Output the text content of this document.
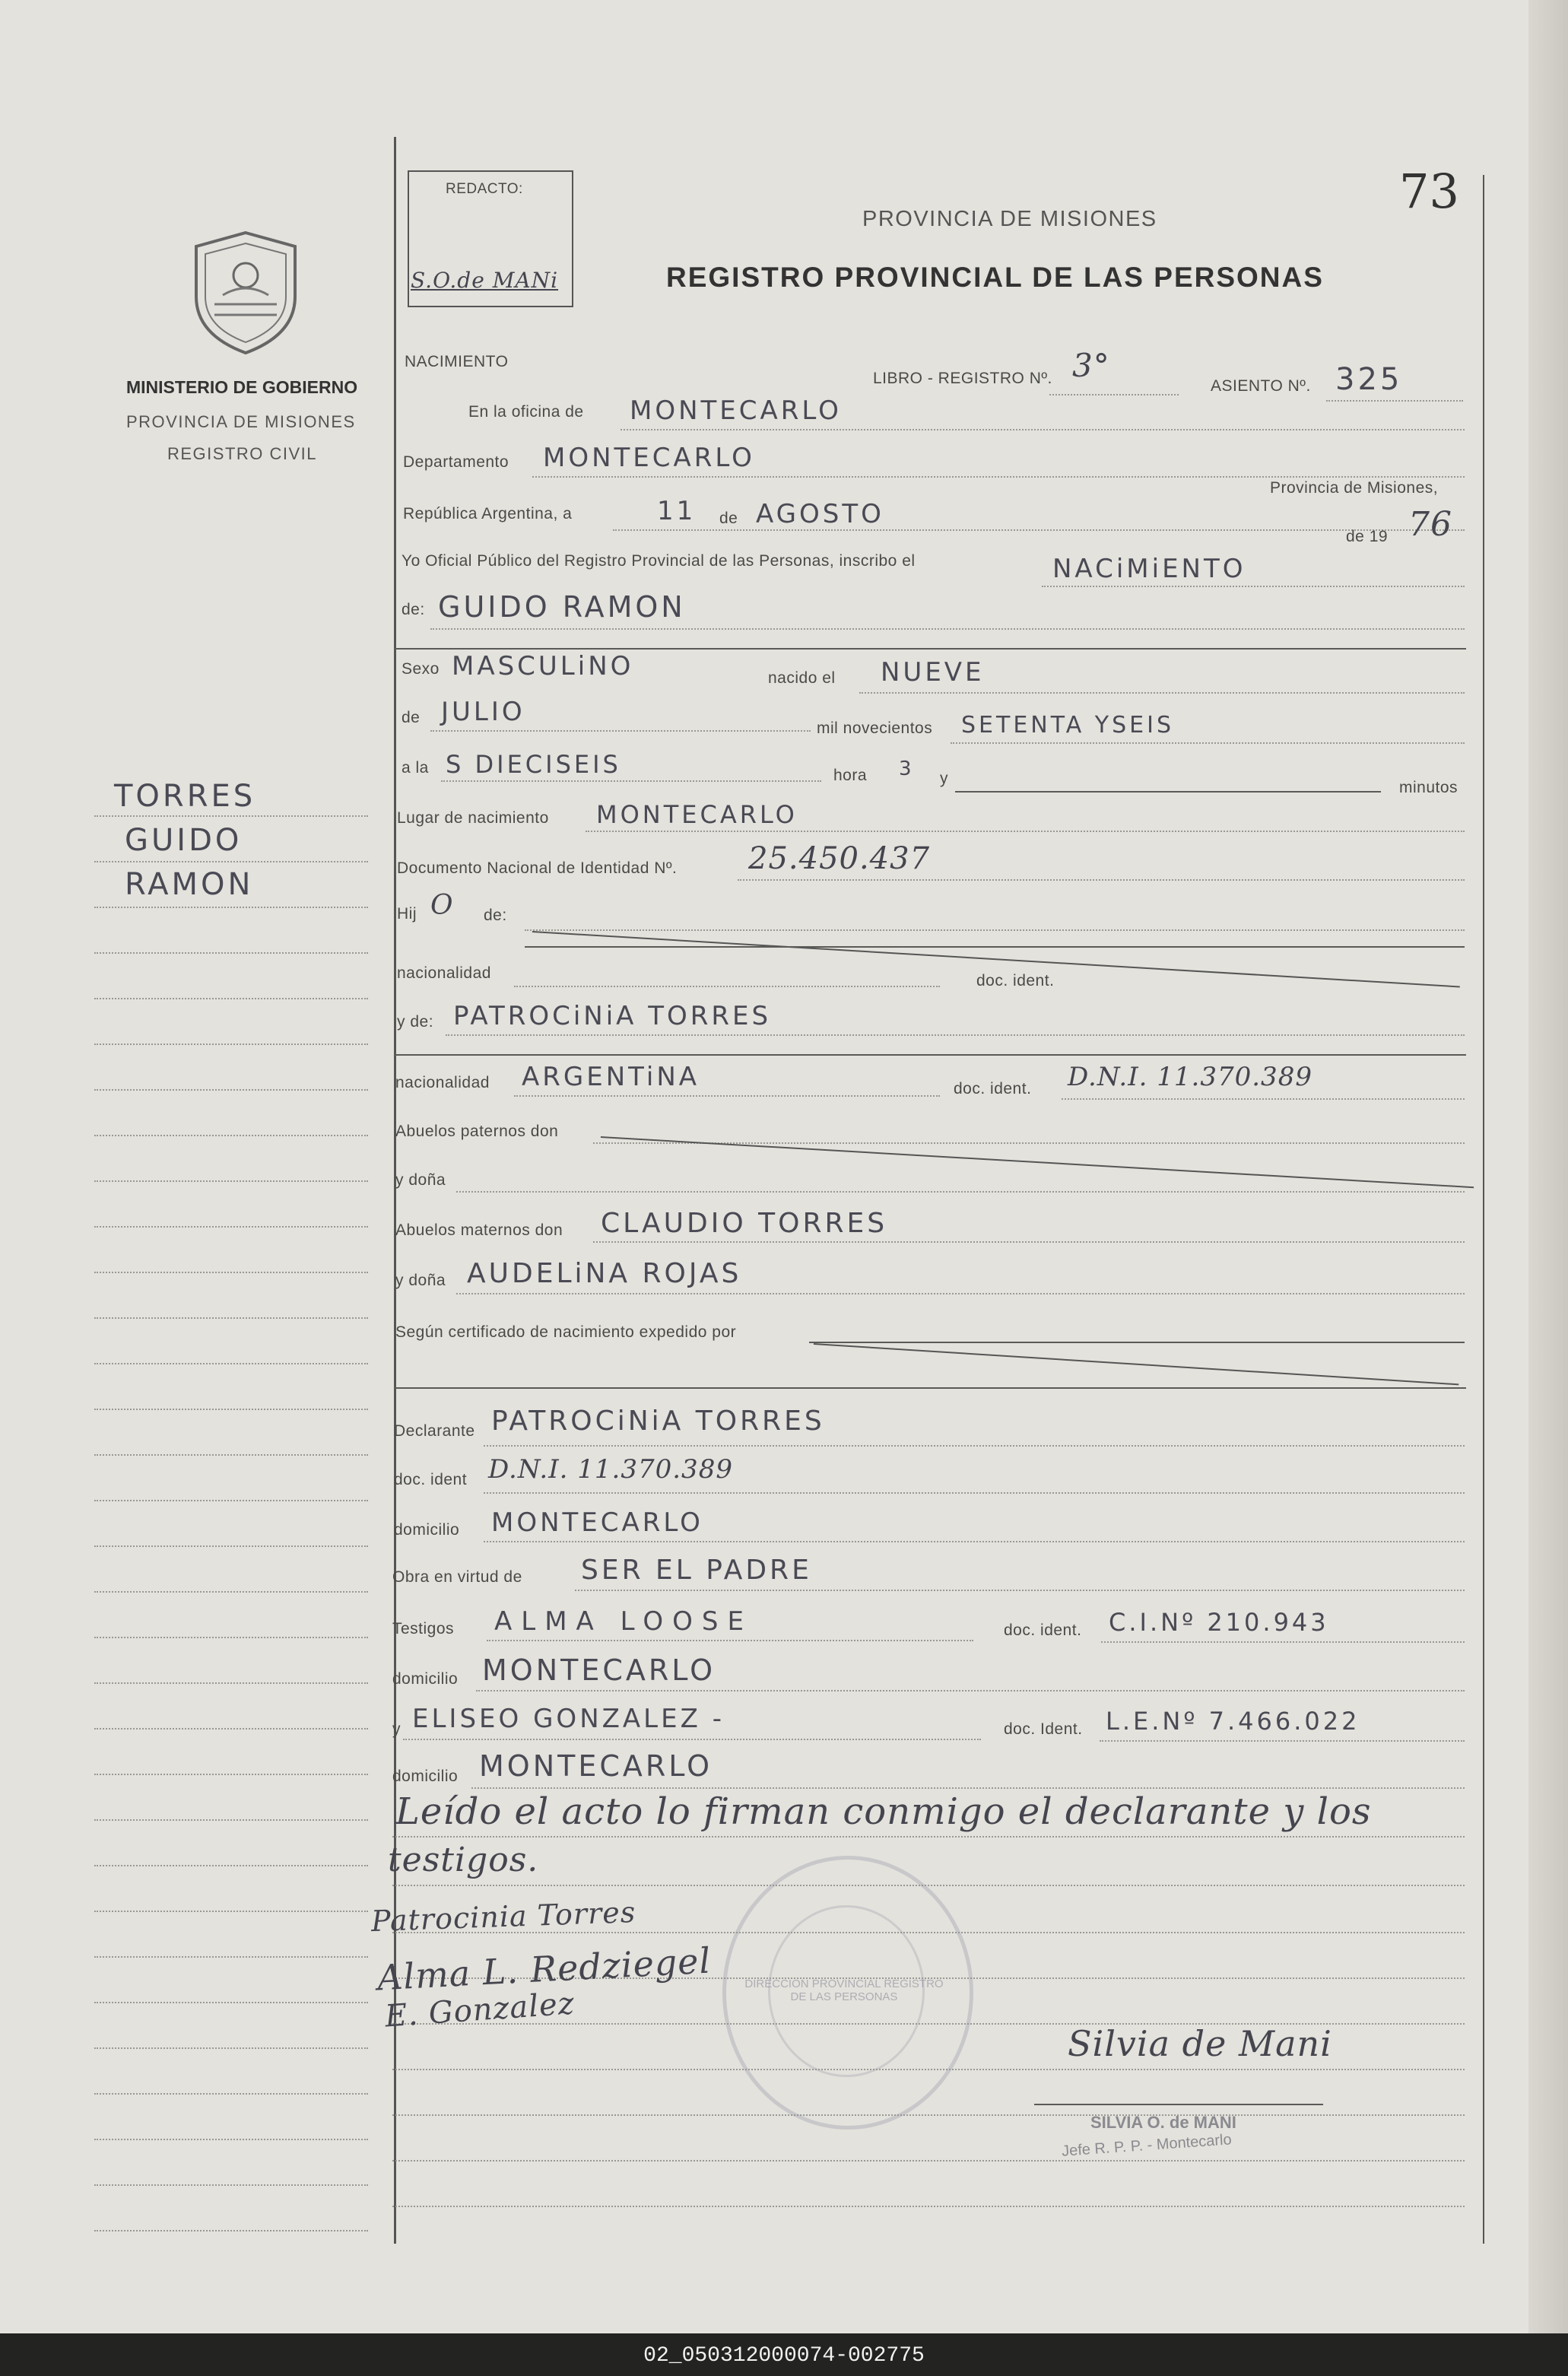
73
REDACTO:
S.O.de MANi
PROVINCIA DE MISIONES
REGISTRO PROVINCIAL DE LAS PERSONAS
MINISTERIO DE GOBIERNO
PROVINCIA DE MISIONES
REGISTRO CIVIL
TORRES
GUIDO
RAMON
NACIMIENTO
LIBRO - REGISTRO Nº. 3°
ASIENTO Nº. 325
En la oficina de MONTECARLO
Departamento MONTECARLO
Provincia de Misiones,
República Argentina, a	11 de AGOSTO
de 19 76
Yo Oficial Público del Registro Provincial de las Personas, inscribo el	NACiMiENTO
de: GUIDO RAMON
Sexo MASCULiNO	nacido el NUEVE
de JULIO
mil novecientos SETENTA YSEIS
a la S DIECISEIS	hora 3 y
minutos
Lugar de nacimiento MONTECARLO
Documento Nacional de Identidad Nº. 25.450.437
Hij O de:
nacionalidad	doc. ident.
y de: PATROCiNiA TORRES
nacionalidad ARGENTiNA	doc. ident. D.N.I. 11.370.389
Abuelos paternos don
y doña
Abuelos maternos don CLAUDIO TORRES
y doña AUDELiNA ROJAS
Según certificado de nacimiento expedido por
Declarante PATROCiNiA TORRES
doc. ident D.N.I. 11.370.389
domicilio MONTECARLO
Obra en virtud de SER EL PADRE
Testigos ALMA LOOSE	doc. ident. C.I.Nº 210.943
domicilio MONTECARLO
y ELISEO GONZALEZ -	doc. Ident. L.E.Nº 7.466.022
domicilio MONTECARLO
Leído el acto lo firman conmigo el declarante y los
testigos.
DIRECCION PROVINCIAL REGISTRO DE LAS PERSONAS
Patrocinia Torres
Alma L. Redziegel
E. Gonzalez
Silvia de Mani
SILVIA O. de MANI
Jefe R. P. P. - Montecarlo
02_050312000074-002775
